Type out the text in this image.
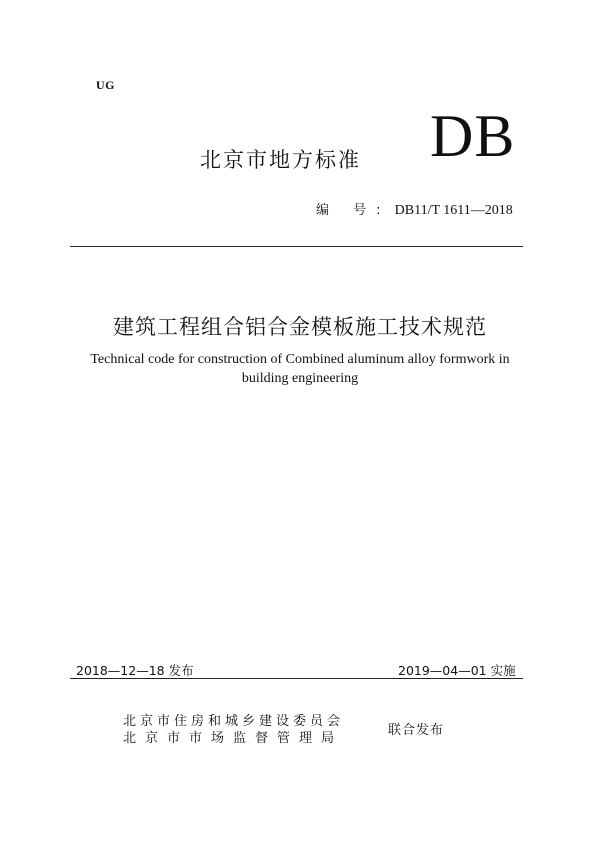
UG
北京市地方标准 DB
编 号: DB11/T 1611—2018
建筑工程组合铝合金模板施工技术规范
Technical code for construction of Combined aluminum alloy formwork in
building engineering
2018—12—18 发布	2019—04—01 实施
北京市住房和城乡建设委员会
北京市市场监督管理局
联合发布
